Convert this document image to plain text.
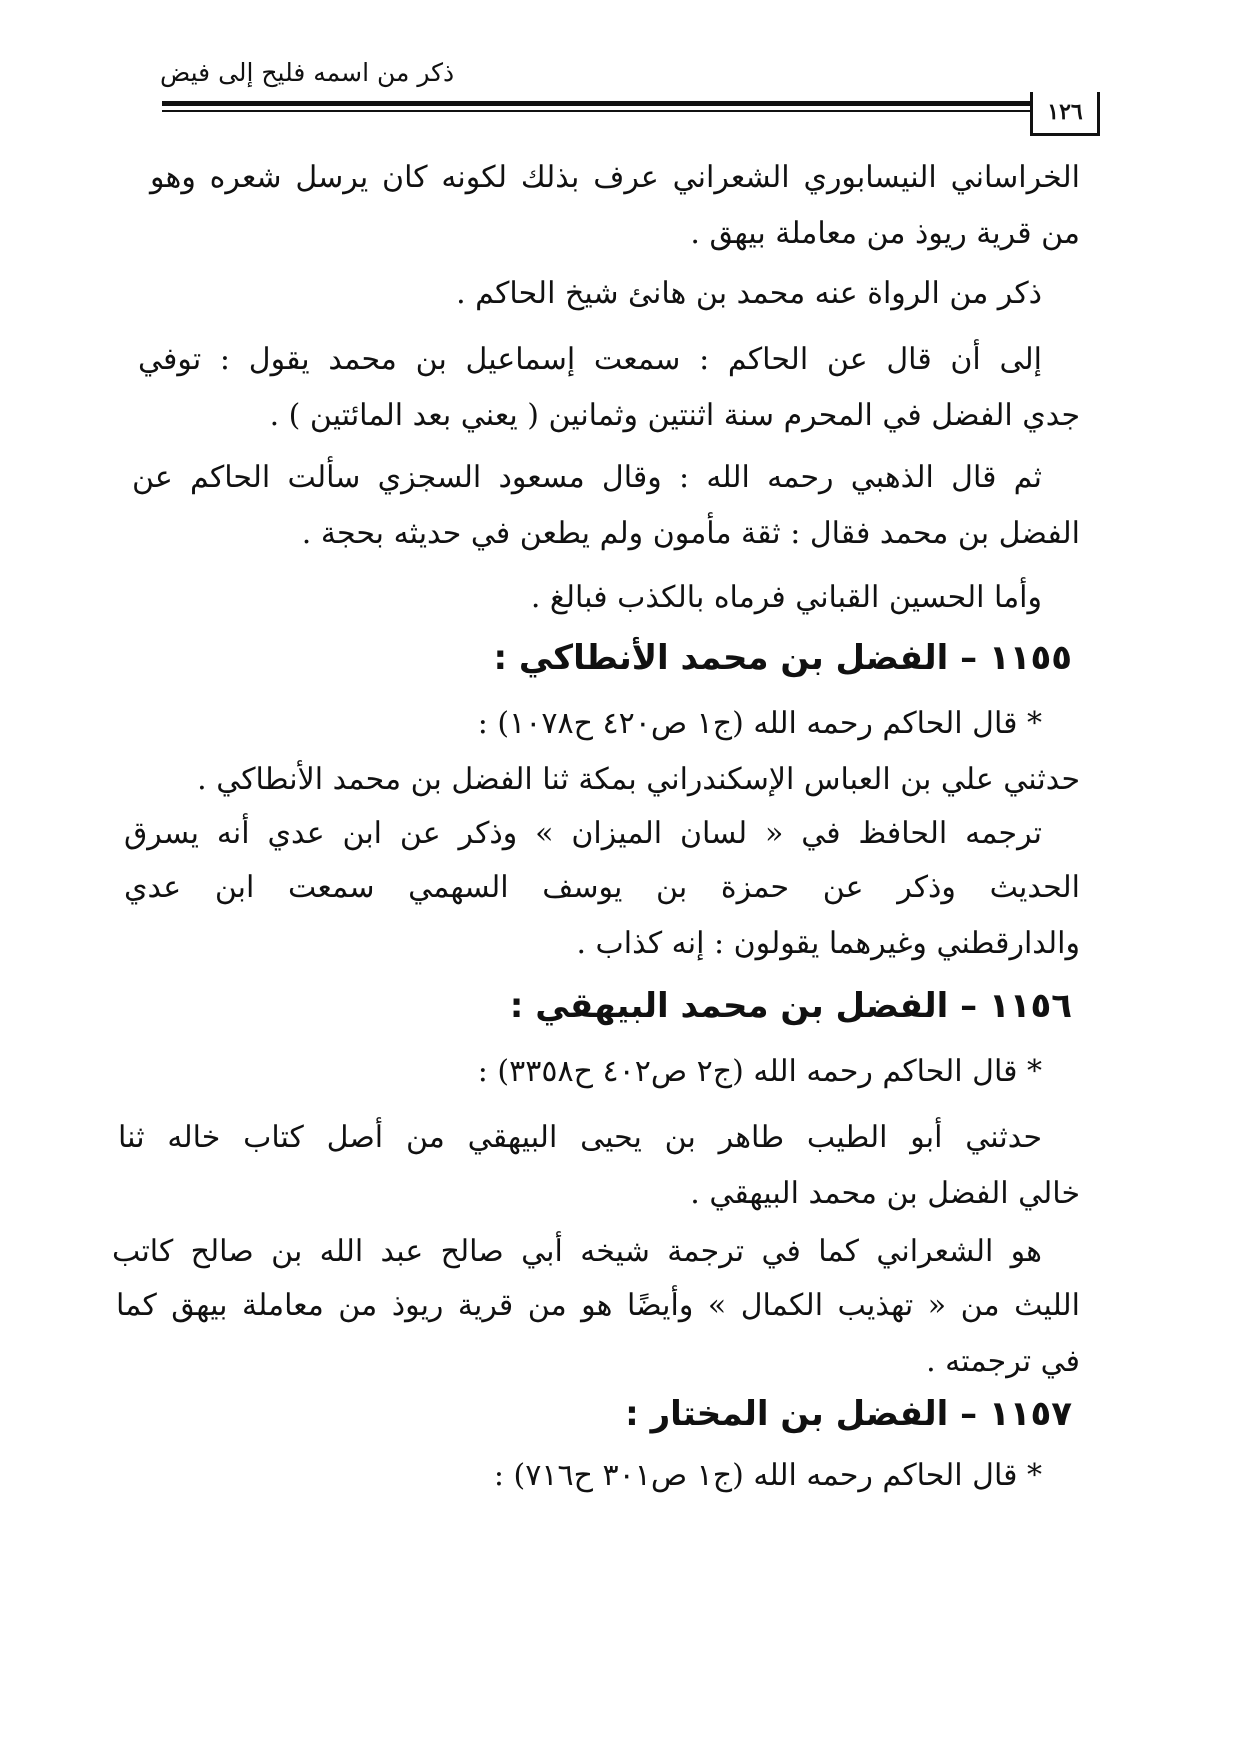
ذكر من اسمه فليح إلى فيض
١٢٦
الخراساني النيسابوري الشعراني عرف بذلك لكونه كان يرسل شعره وهو
من قرية ريوذ من معاملة بيهق .
ذكر من الرواة عنه محمد بن هانئ شيخ الحاكم .
إلى أن قال عن الحاكم : سمعت إسماعيل بن محمد يقول : توفي
جدي الفضل في المحرم سنة اثنتين وثمانين ( يعني بعد المائتين ) .
ثم قال الذهبي رحمه الله : وقال مسعود السجزي سألت الحاكم عن
الفضل بن محمد فقال : ثقة مأمون ولم يطعن في حديثه بحجة .
وأما الحسين القباني فرماه بالكذب فبالغ .
١١٥٥ – الفضل بن محمد الأنطاكي :
* قال الحاكم رحمه الله (ج١ ص٤٢٠ ح١٠٧٨) :
حدثني علي بن العباس الإسكندراني بمكة ثنا الفضل بن محمد الأنطاكي .
ترجمه الحافظ في « لسان الميزان » وذكر عن ابن عدي أنه يسرق
الحديث وذكر عن حمزة بن يوسف السهمي سمعت ابن عدي
والدارقطني وغيرهما يقولون : إنه كذاب .
١١٥٦ – الفضل بن محمد البيهقي :
* قال الحاكم رحمه الله (ج٢ ص٤٠٢ ح٣٣٥٨) :
حدثني أبو الطيب طاهر بن يحيى البيهقي من أصل كتاب خاله ثنا
خالي الفضل بن محمد البيهقي .
هو الشعراني كما في ترجمة شيخه أبي صالح عبد الله بن صالح كاتب
الليث من « تهذيب الكمال » وأيضًا هو من قرية ريوذ من معاملة بيهق كما
في ترجمته .
١١٥٧ – الفضل بن المختار :
* قال الحاكم رحمه الله (ج١ ص٣٠١ ح٧١٦) :
